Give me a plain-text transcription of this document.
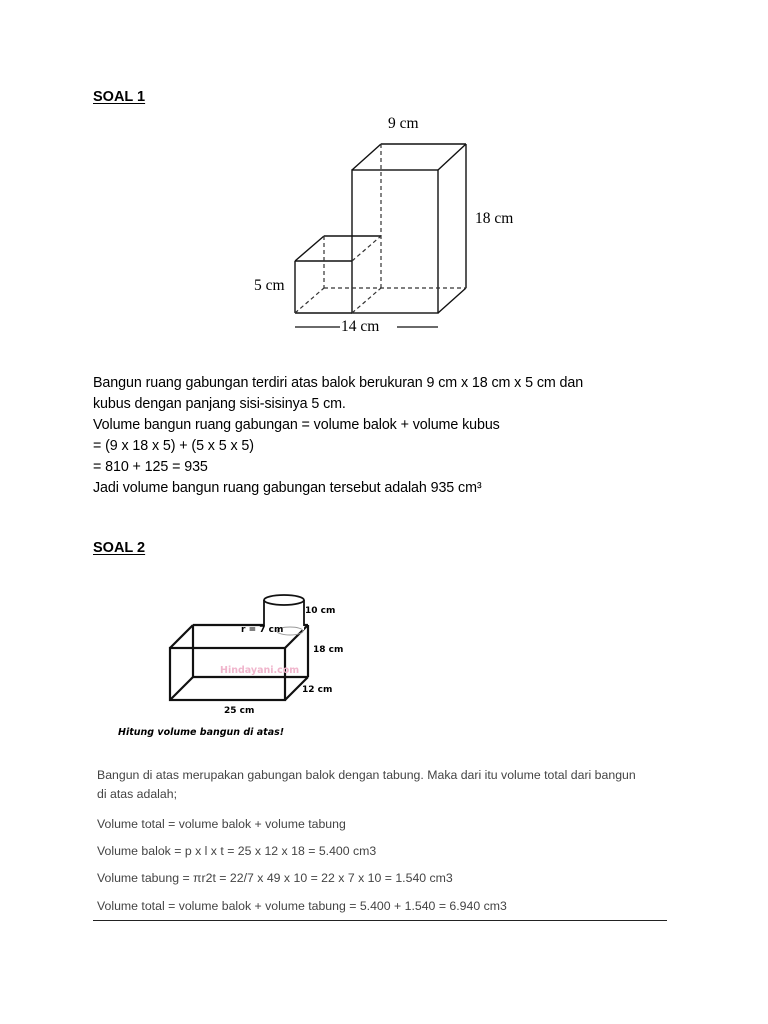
SOAL 1
9 cm
18 cm
5 cm
14 cm
Bangun ruang gabungan terdiri atas balok berukuran 9 cm x 18 cm x 5 cm dan
kubus dengan panjang sisi-sisinya 5 cm.
Volume bangun ruang gabungan = volume balok + volume kubus
= (9 x 18 x 5) + (5 x 5 x 5)
= 810 + 125 = 935
Jadi volume bangun ruang gabungan tersebut adalah 935 cm³
SOAL 2
10 cm
r = 7 cm
18 cm
Hindayani.com
12 cm
25 cm
Hitung volume bangun di atas!
Bangun di atas merupakan gabungan balok dengan tabung. Maka dari itu volume total dari bangun
di atas adalah;
Volume total = volume balok + volume tabung
Volume balok = p x l x t = 25 x 12 x 18 = 5.400 cm3
Volume tabung = πr2t = 22/7 x 49 x 10 = 22 x 7 x 10 = 1.540 cm3
Volume total = volume balok + volume tabung = 5.400 + 1.540 = 6.940 cm3
